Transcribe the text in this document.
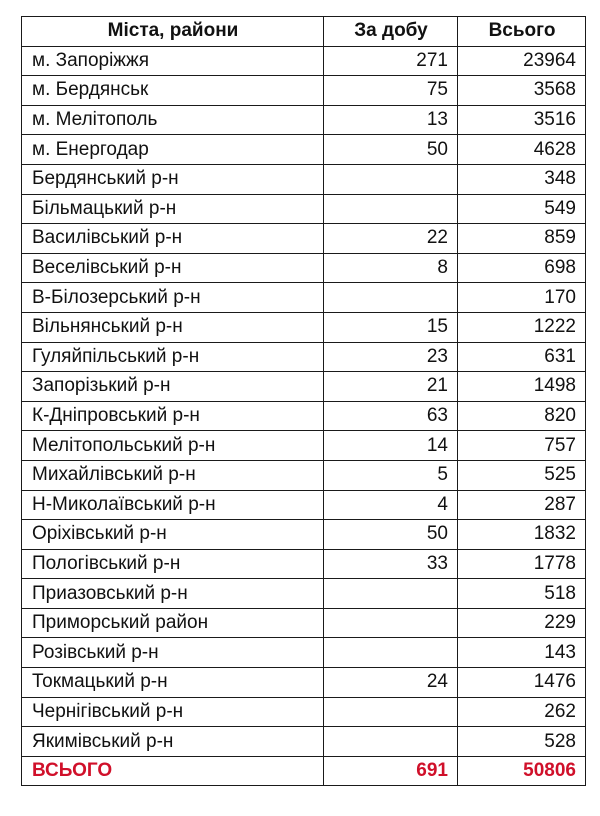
Міста, райони	За добу	Всього
м. Запоріжжя	271	23964
м. Бердянськ	75	3568
м. Мелітополь	13	3516
м. Енергодар	50	4628
Бердянський р-н		348
Більмацький р-н		549
Василівський р-н	22	859
Веселівський р-н	8	698
В-Білозерський р-н		170
Вільнянський р-н	15	1222
Гуляйпільський р-н	23	631
Запорізький р-н	21	1498
К-Дніпровський р-н	63	820
Мелітопольський р-н	14	757
Михайлівський р-н	5	525
Н-Миколаївський р-н	4	287
Оріхівський р-н	50	1832
Пологівський р-н	33	1778
Приазовський р-н		518
Приморський район		229
Розівський р-н		143
Токмацький р-н	24	1476
Чернігівський р-н		262
Якимівський р-н		528
ВСЬОГО	691	50806
